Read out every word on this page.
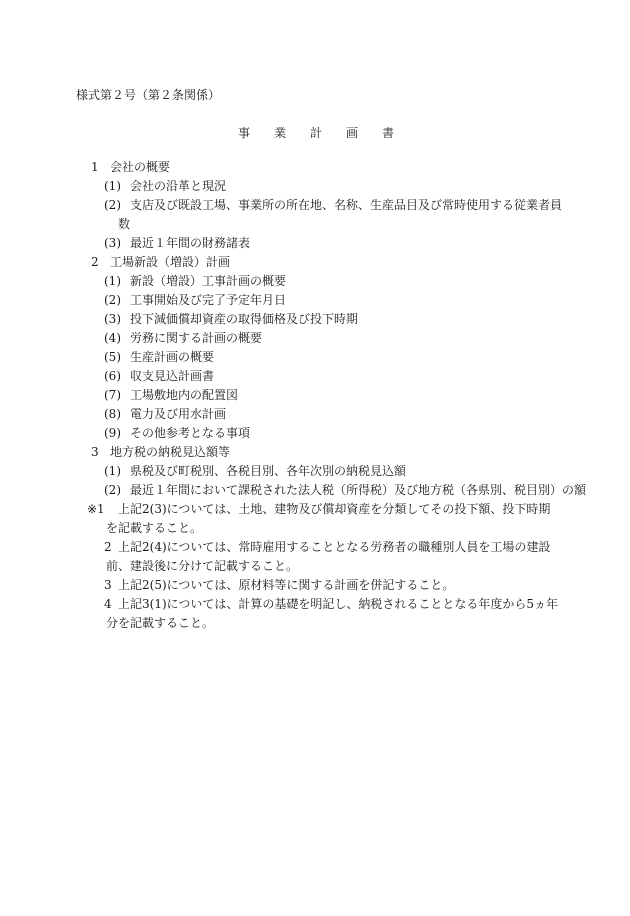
様式第２号（第２条関係）
事 業 計 画 書
1 会社の概要
(1) 会社の沿革と現況
(2) 支店及び既設工場、事業所の所在地、名称、生産品目及び常時使用する従業者員
数
(3) 最近１年間の財務諸表
2 工場新設（増設）計画
(1) 新設（増設）工事計画の概要
(2) 工事開始及び完了予定年月日
(3) 投下減価償却資産の取得価格及び投下時期
(4) 労務に関する計画の概要
(5) 生産計画の概要
(6) 収支見込計画書
(7) 工場敷地内の配置図
(8) 電力及び用水計画
(9) その他参考となる事項
3 地方税の納税見込額等
(1) 県税及び町税別、各税目別、各年次別の納税見込額
(2) 最近１年間において課税された法人税（所得税）及び地方税（各県別、税目別）の額
※1 上記2(3)については、土地、建物及び償却資産を分類してその投下額、投下時期
を記載すること。
2 上記2(4)については、常時雇用することとなる労務者の職種別人員を工場の建設
前、建設後に分けて記載すること。
3 上記2(5)については、原材料等に関する計画を併記すること。
4 上記3(1)については、計算の基礎を明記し、納税されることとなる年度から5ヵ年
分を記載すること。
